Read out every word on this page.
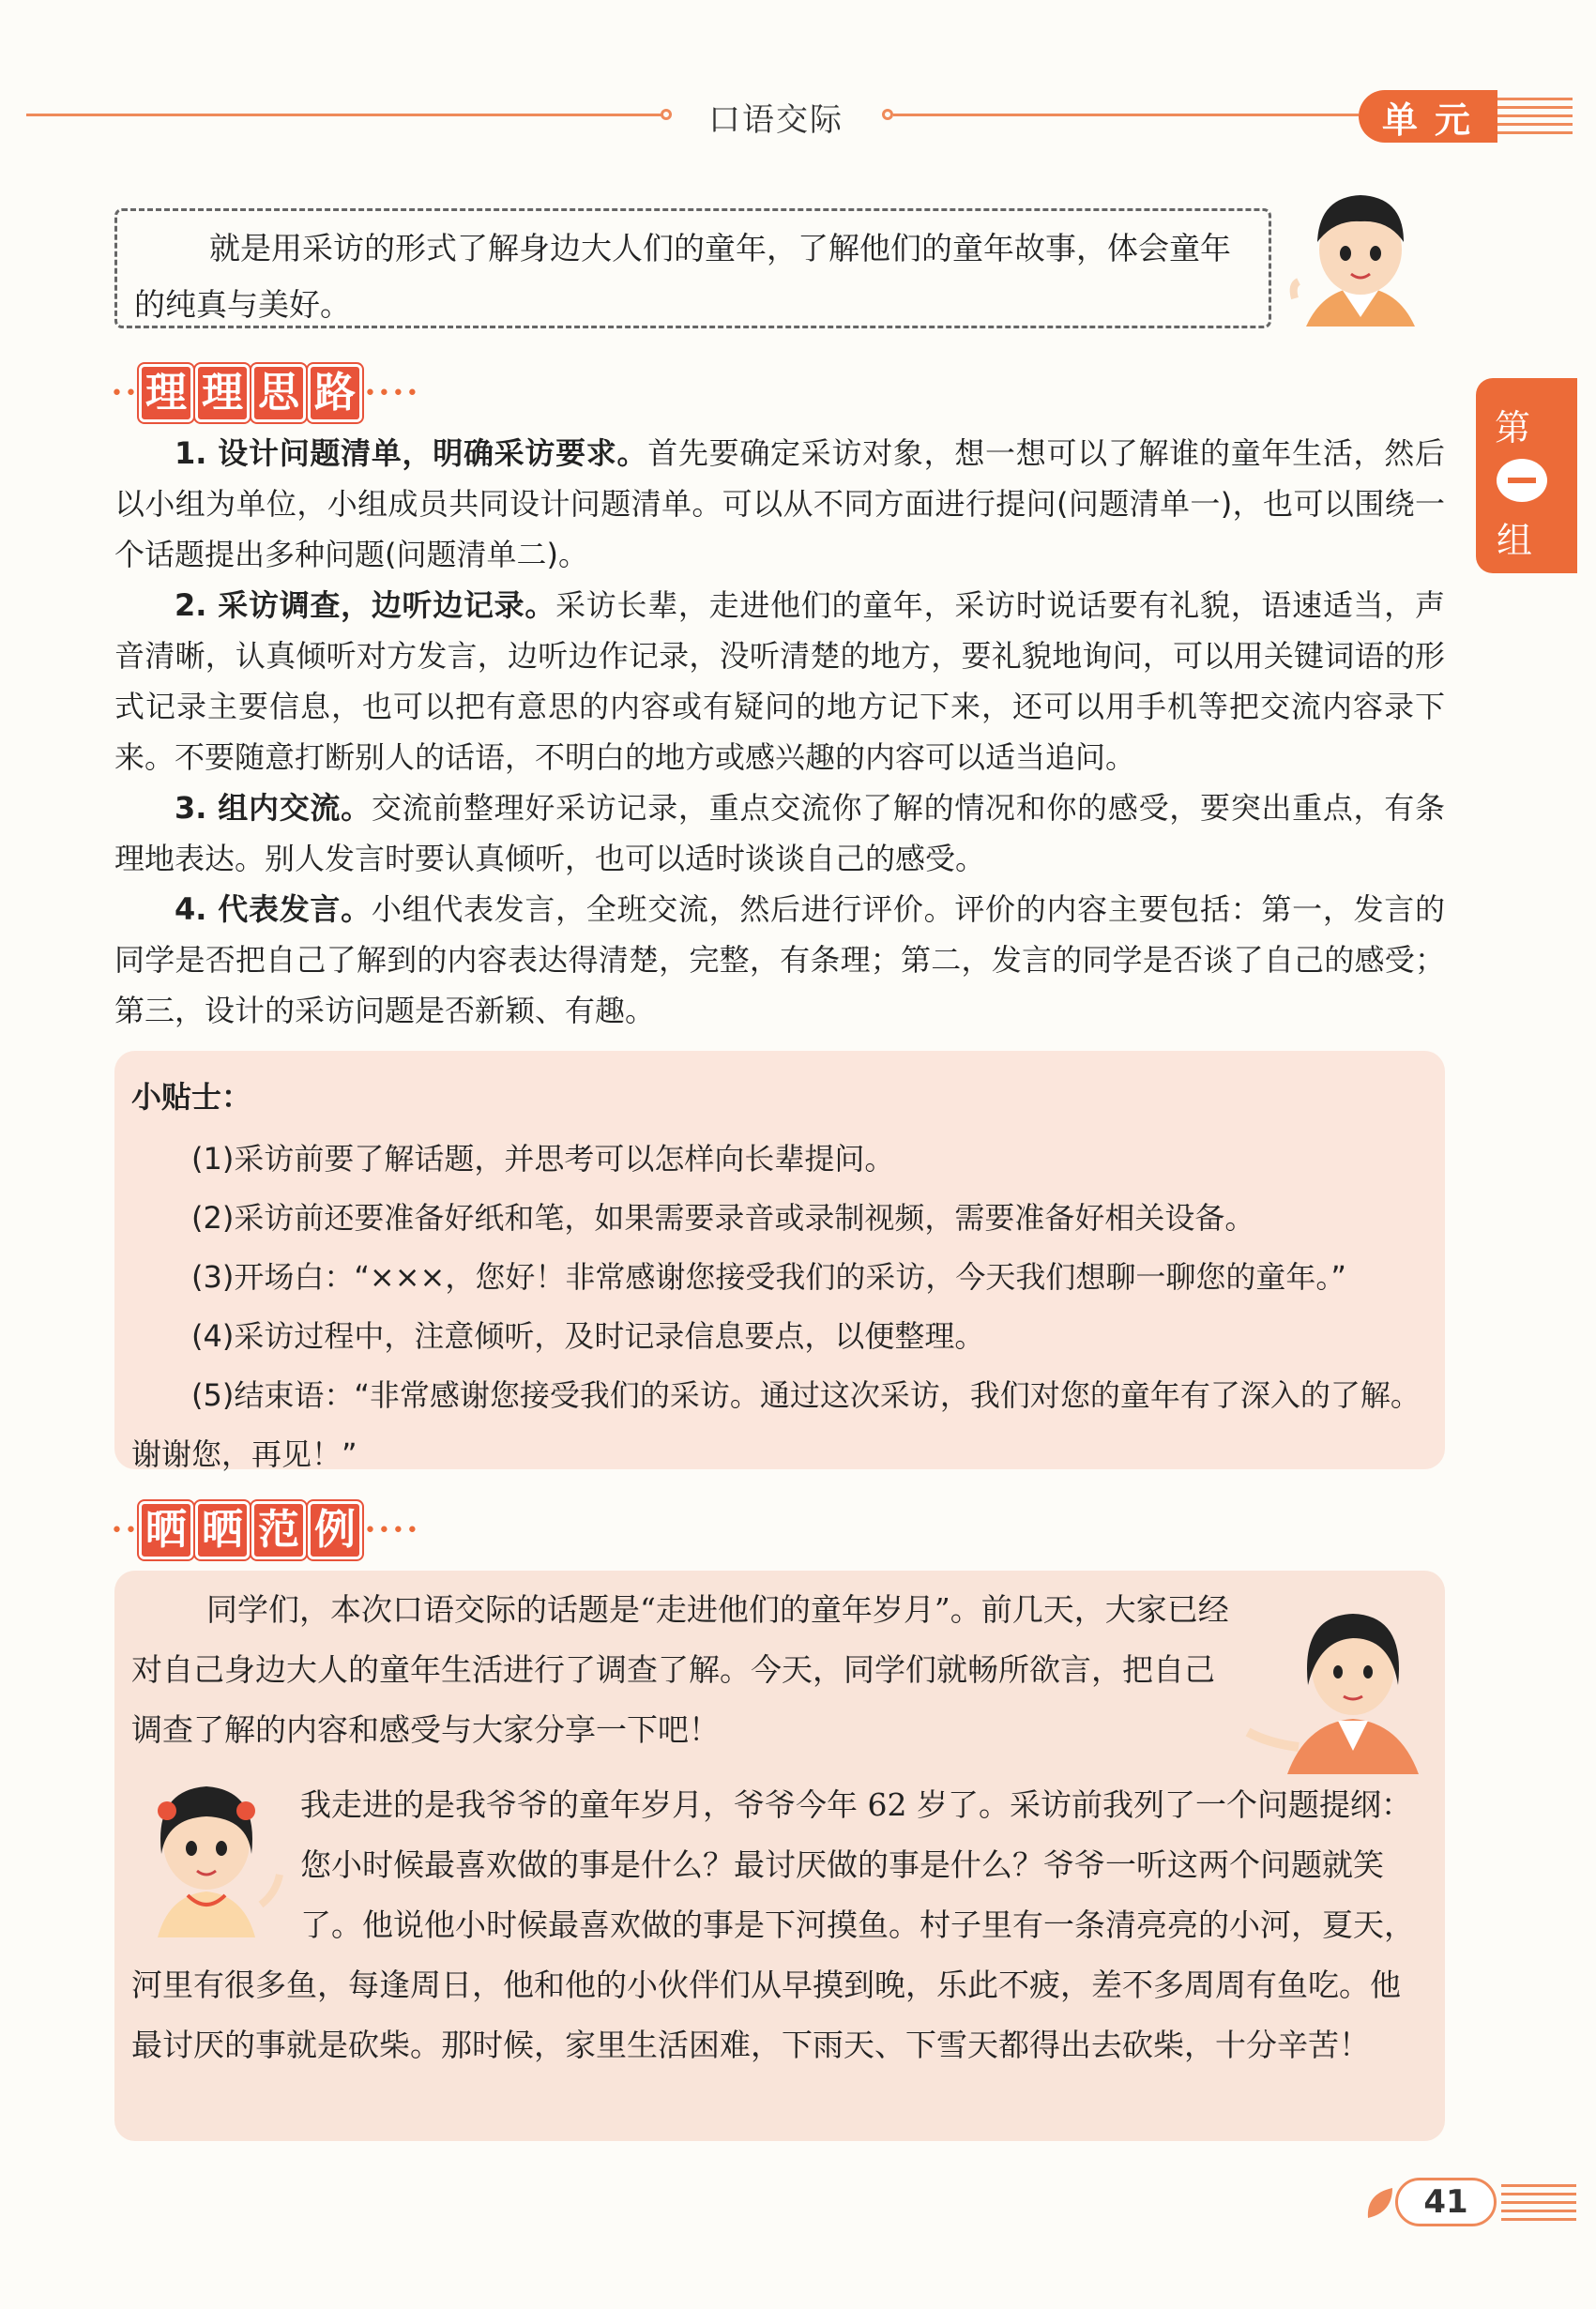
口语交际	单元
第
组

就是用采访的形式了解身边大人们的童年，了解他们的童年故事，体会童年的纯真与美好。

•• 理 理 思 路 ••••

1. 设计问题清单，明确采访要求。首先要确定采访对象，想一想可以了解谁的童年生活，然后以小组为单位，小组成员共同设计问题清单。可以从不同方面进行提问(问题清单一)，也可以围绕一个话题提出多种问题(问题清单二)。

2. 采访调查，边听边记录。采访长辈，走进他们的童年，采访时说话要有礼貌，语速适当，声音清晰，认真倾听对方发言，边听边作记录，没听清楚的地方，要礼貌地询问，可以用关键词语的形式记录主要信息，也可以把有意思的内容或有疑问的地方记下来，还可以用手机等把交流内容录下来。不要随意打断别人的话语，不明白的地方或感兴趣的内容可以适当追问。

3. 组内交流。交流前整理好采访记录，重点交流你了解的情况和你的感受，要突出重点，有条理地表达。别人发言时要认真倾听，也可以适时谈谈自己的感受。

4. 代表发言。小组代表发言，全班交流，然后进行评价。评价的内容主要包括：第一，发言的同学是否把自己了解到的内容表达得清楚，完整，有条理；第二，发言的同学是否谈了自己的感受；第三，设计的采访问题是否新颖、有趣。

小贴士：
(1)采访前要了解话题，并思考可以怎样向长辈提问。
(2)采访前还要准备好纸和笔，如果需要录音或录制视频，需要准备好相关设备。
(3)开场白：“×××，您好！非常感谢您接受我们的采访，今天我们想聊一聊您的童年。”
(4)采访过程中，注意倾听，及时记录信息要点，以便整理。
(5)结束语：“非常感谢您接受我们的采访。通过这次采访，我们对您的童年有了深入的了解。谢谢您，再见！”
•• 晒 晒 范 例 ••••
同学们，本次口语交际的话题是“走进他们的童年岁月”。前几天，大家已经对自己身边大人的童年生活进行了调查了解。今天，同学们就畅所欲言，把自己调查了解的内容和感受与大家分享一下吧！
我走进的是我爷爷的童年岁月，爷爷今年 62 岁了。采访前我列了一个问题提纲：您小时候最喜欢做的事是什么？最讨厌做的事是什么？爷爷一听这两个问题就笑了。他说他小时候最喜欢做的事是下河摸鱼。村子里有一条清亮亮的小河，夏天，河里有很多鱼，每逢周日，他和他的小伙伴们从早摸到晚，乐此不疲，差不多周周有鱼吃。他最讨厌的事就是砍柴。那时候，家里生活困难，下雨天、下雪天都得出去砍柴，十分辛苦！
41
